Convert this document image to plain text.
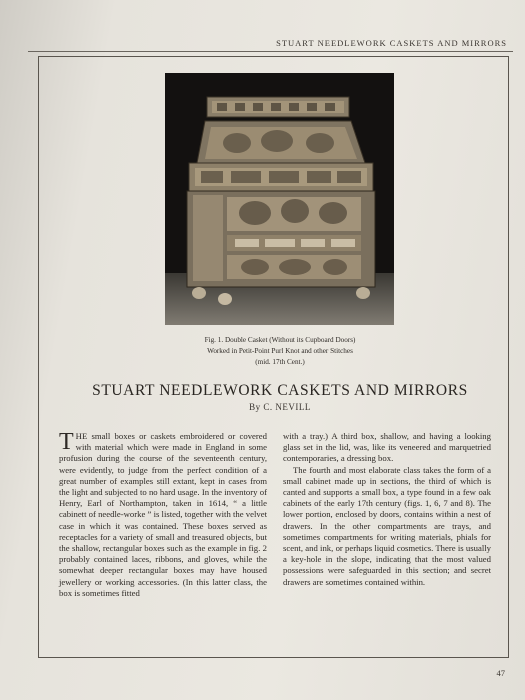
STUART NEEDLEWORK CASKETS AND MIRRORS
Fig. 1. Double Casket (Without its Cupboard Doors)
Worked in Petit-Point Purl Knot and other Stitches
(mid. 17th Cent.)
STUART NEEDLEWORK CASKETS AND MIRRORS
By C. NEVILL

THE small boxes or caskets embroidered or covered with material which were made in England in some profusion during the course of the seventeenth century, were evidently, to judge from the perfect condition of a great number of examples still extant, kept in cases from the light and subjected to no hard usage. In the inventory of Henry, Earl of Northampton, taken in 1614, “ a little cabinett of needle-worke ” is listed, together with the velvet case in which it was contained. These boxes served as receptacles for a variety of small and treasured objects, but the shallow, rectangular boxes such as the example in fig. 2 probably contained laces, ribbons, and gloves, while the somewhat deeper rectangular boxes may have housed jewellery or working accessories. (In this latter class, the box is sometimes fitted

with a tray.) A third box, shallow, and having a looking glass set in the lid, was, like its veneered and marquetried contemporaries, a dressing box.

The fourth and most elaborate class takes the form of a small cabinet made up in sections, the third of which is canted and supports a small box, a type found in a few oak cabinets of the early 17th century (figs. 1, 6, 7 and 8). The lower portion, enclosed by doors, contains within a nest of drawers. In the other compartments are trays, and sometimes compartments for writing materials, phials for scent, and ink, or perhaps liquid cosmetics. There is usually a key-hole in the slope, indicating that the most valued possessions were safeguarded in this section; and secret drawers are sometimes contained within.

47
